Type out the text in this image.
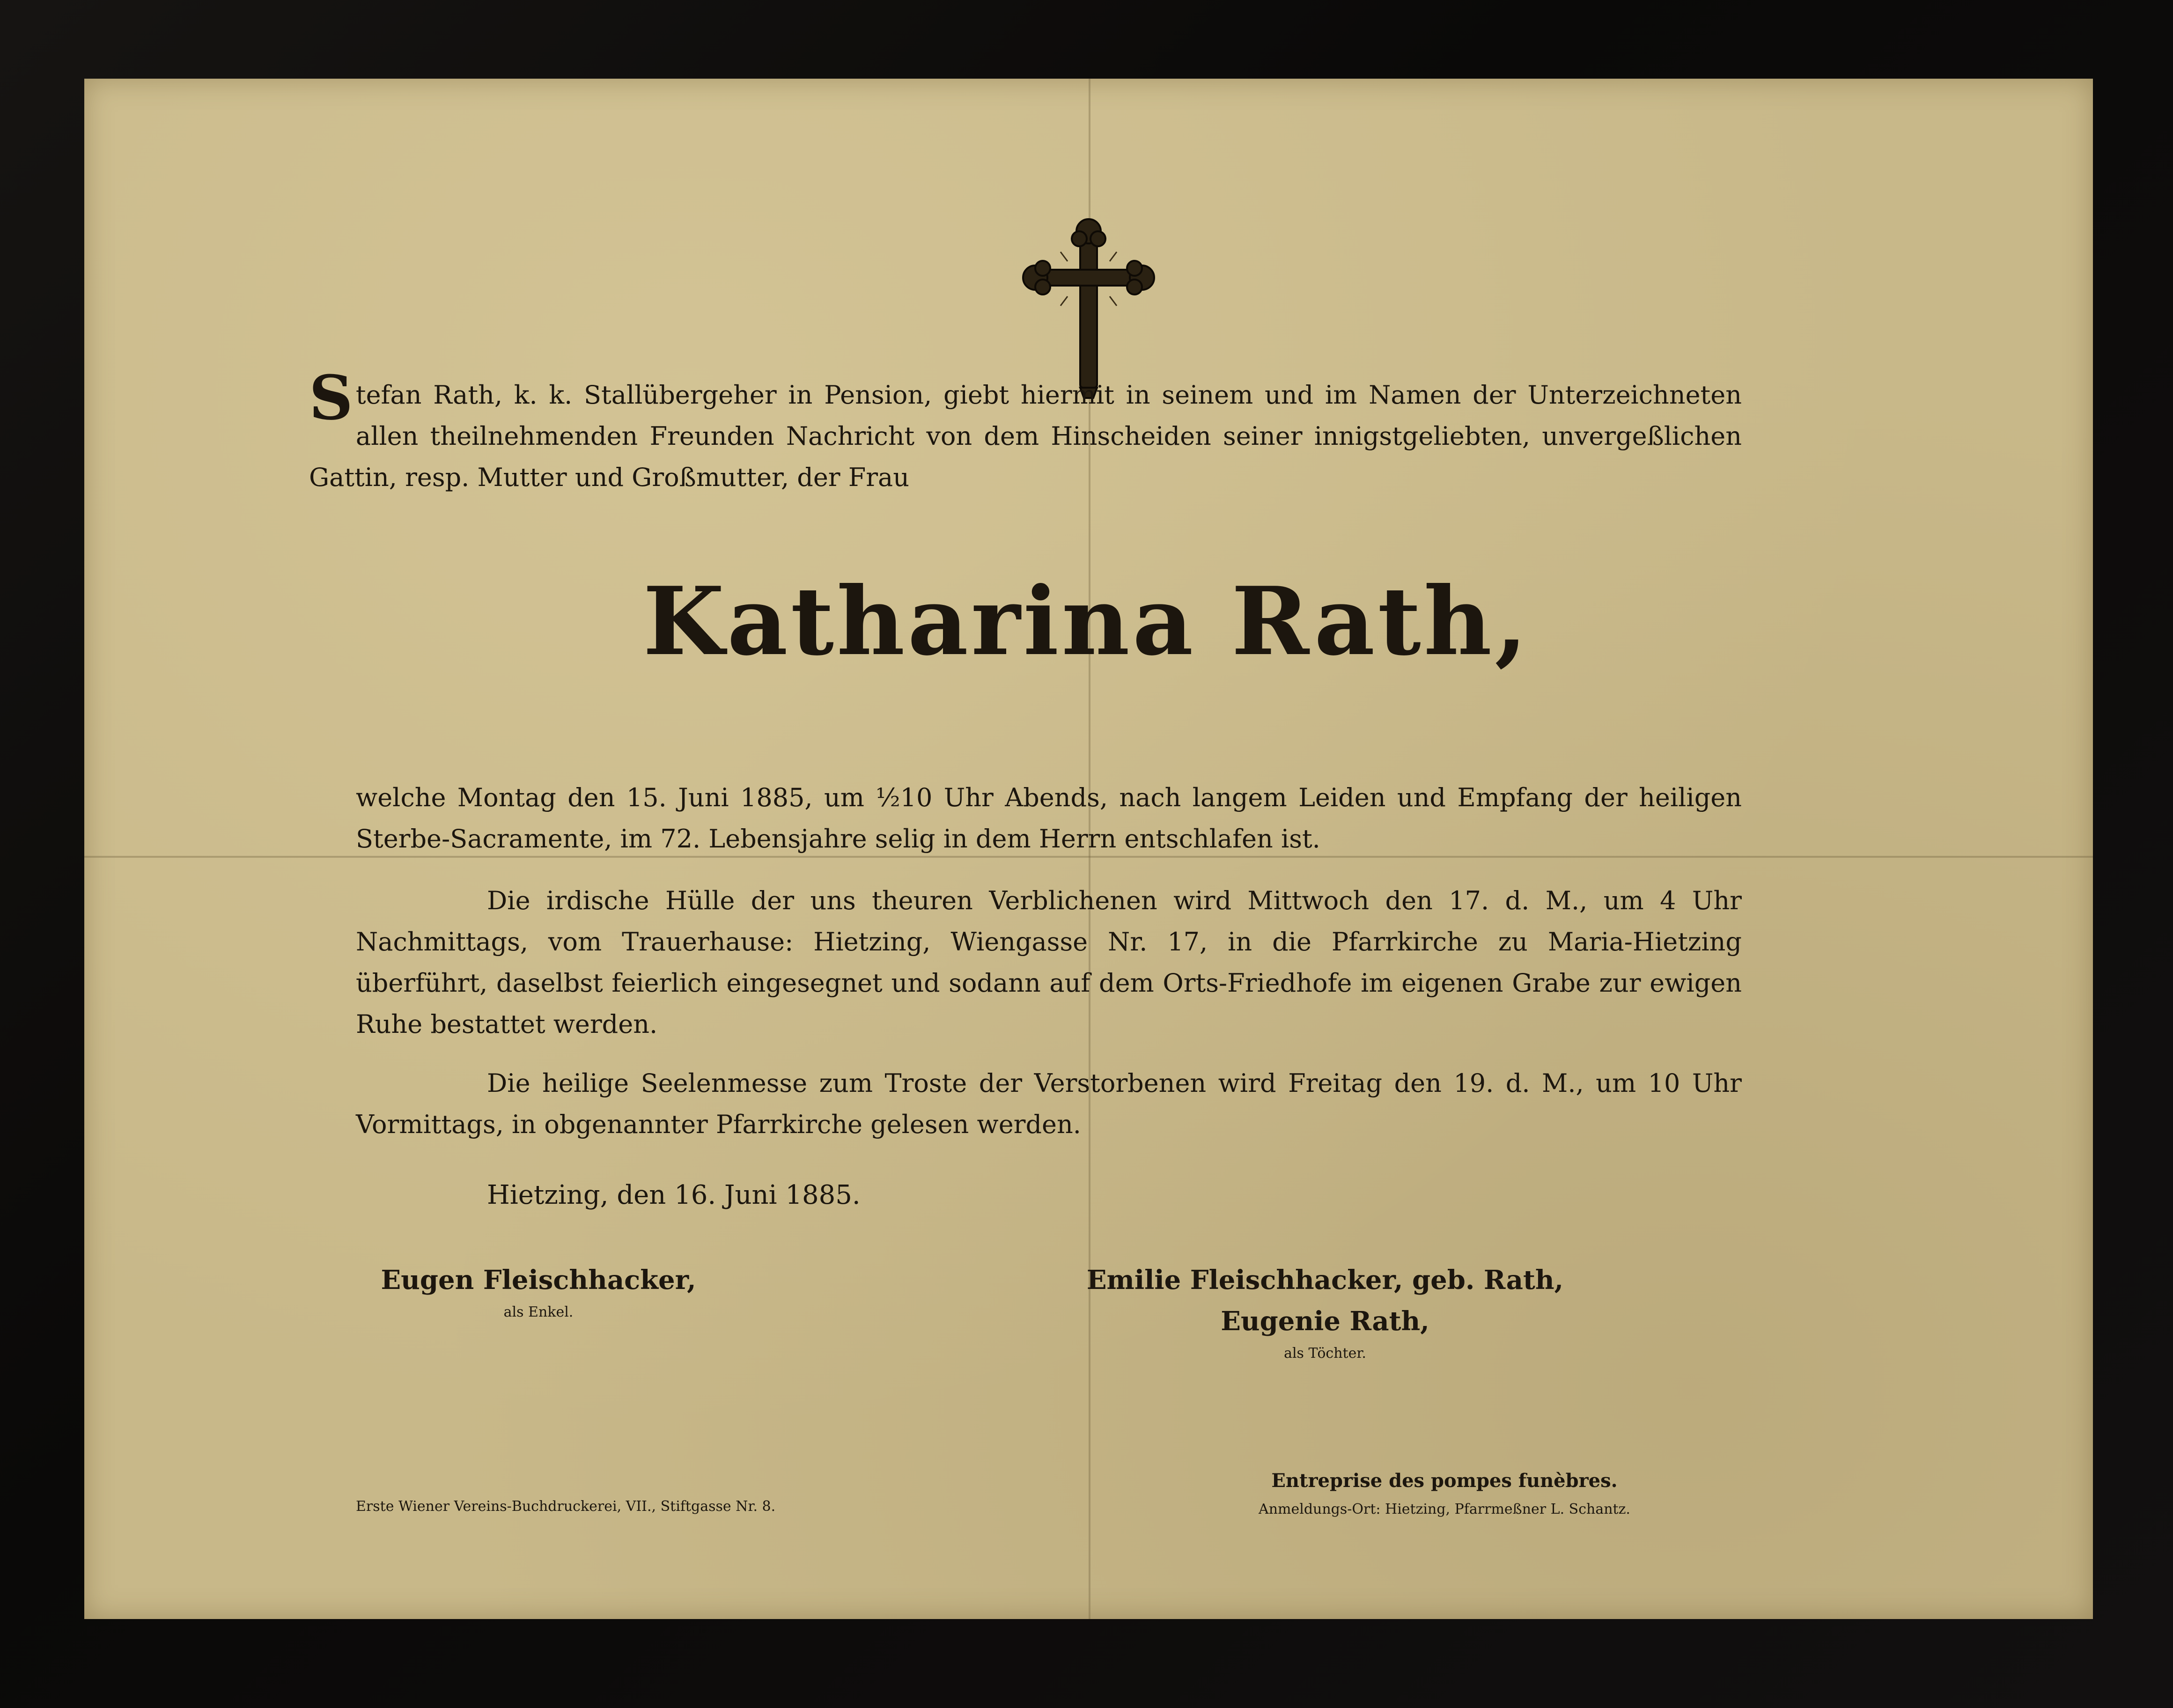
Stefan Rath, k. k. Stallübergeher in Pension, giebt hiermit in seinem und im Namen der Unterzeichneten allen theilnehmenden Freunden Nachricht von dem Hinscheiden seiner innigstgeliebten, unvergeßlichen Gattin, resp. Mutter und Großmutter, der Frau

Katharina Rath,

welche Montag den 15. Juni 1885, um ½10 Uhr Abends, nach langem Leiden und Empfang der heiligen Sterbe-Sacramente, im 72. Lebensjahre selig in dem Herrn entschlafen ist.

Die irdische Hülle der uns theuren Verblichenen wird Mittwoch den 17. d. M., um 4 Uhr Nachmittags, vom Trauerhause: Hietzing, Wiengasse Nr. 17, in die Pfarrkirche zu Maria-Hietzing überführt, daselbst feierlich eingesegnet und sodann auf dem Orts-Friedhofe im eigenen Grabe zur ewigen Ruhe bestattet werden.

Die heilige Seelenmesse zum Troste der Verstorbenen wird Freitag den 19. d. M., um 10 Uhr Vormittags, in obgenannter Pfarrkirche gelesen werden.

Hietzing, den 16. Juni 1885.

Eugen Fleischhacker,
als Enkel.
Emilie Fleischhacker, geb. Rath,
Eugenie Rath,
als Töchter.

Erste Wiener Vereins-Buchdruckerei, VII., Stiftgasse Nr. 8.

Entreprise des pompes funèbres.
Anmeldungs-Ort: Hietzing, Pfarrmeßner L. Schantz.
